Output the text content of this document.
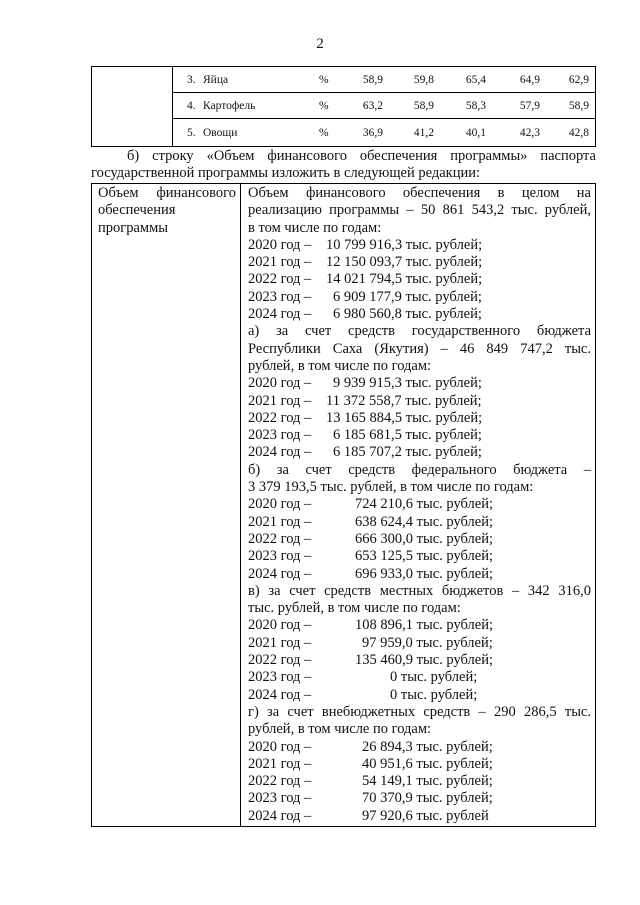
2
3. Яйца	%	58,9	59,8	65,4	64,9	62,9
4. Картофель	%	63,2	58,9	58,3	57,9	58,9
5. Овощи	%	36,9	41,2	40,1	42,3	42,8
б) строку «Объем финансового обеспечения программы» паспорта
государственной программы изложить в следующей редакции:
Объем финансового
обеспечения
программы
Объем финансового обеспечения в целом на
реализацию программы – 50 861 543,2 тыс. рублей,
в том числе по годам:
2020 год – 10 799 916,3 тыс. рублей;
2021 год – 12 150 093,7 тыс. рублей;
2022 год – 14 021 794,5 тыс. рублей;
2023 год – 6 909 177,9 тыс. рублей;
2024 год – 6 980 560,8 тыс. рублей;
а) за счет средств государственного бюджета
Республики Саха (Якутия) – 46 849 747,2 тыс.
рублей, в том числе по годам:
2020 год – 9 939 915,3 тыс. рублей;
2021 год – 11 372 558,7 тыс. рублей;
2022 год – 13 165 884,5 тыс. рублей;
2023 год – 6 185 681,5 тыс. рублей;
2024 год – 6 185 707,2 тыс. рублей;
б) за счет средств федерального бюджета –
3 379 193,5 тыс. рублей, в том числе по годам:
2020 год –	724 210,6 тыс. рублей;
2021 год –	638 624,4 тыс. рублей;
2022 год –	666 300,0 тыс. рублей;
2023 год –	653 125,5 тыс. рублей;
2024 год –	696 933,0 тыс. рублей;
в) за счет средств местных бюджетов – 342 316,0
тыс. рублей, в том числе по годам:
2020 год –	108 896,1 тыс. рублей;
2021 год –	97 959,0 тыс. рублей;
2022 год –	135 460,9 тыс. рублей;
2023 год –	0 тыс. рублей;
2024 год –	0 тыс. рублей;
г) за счет внебюджетных средств – 290 286,5 тыс.
рублей, в том числе по годам:
2020 год –	26 894,3 тыс. рублей;
2021 год –	40 951,6 тыс. рублей;
2022 год –	54 149,1 тыс. рублей;
2023 год –	70 370,9 тыс. рублей;
2024 год –	97 920,6 тыс. рублей
